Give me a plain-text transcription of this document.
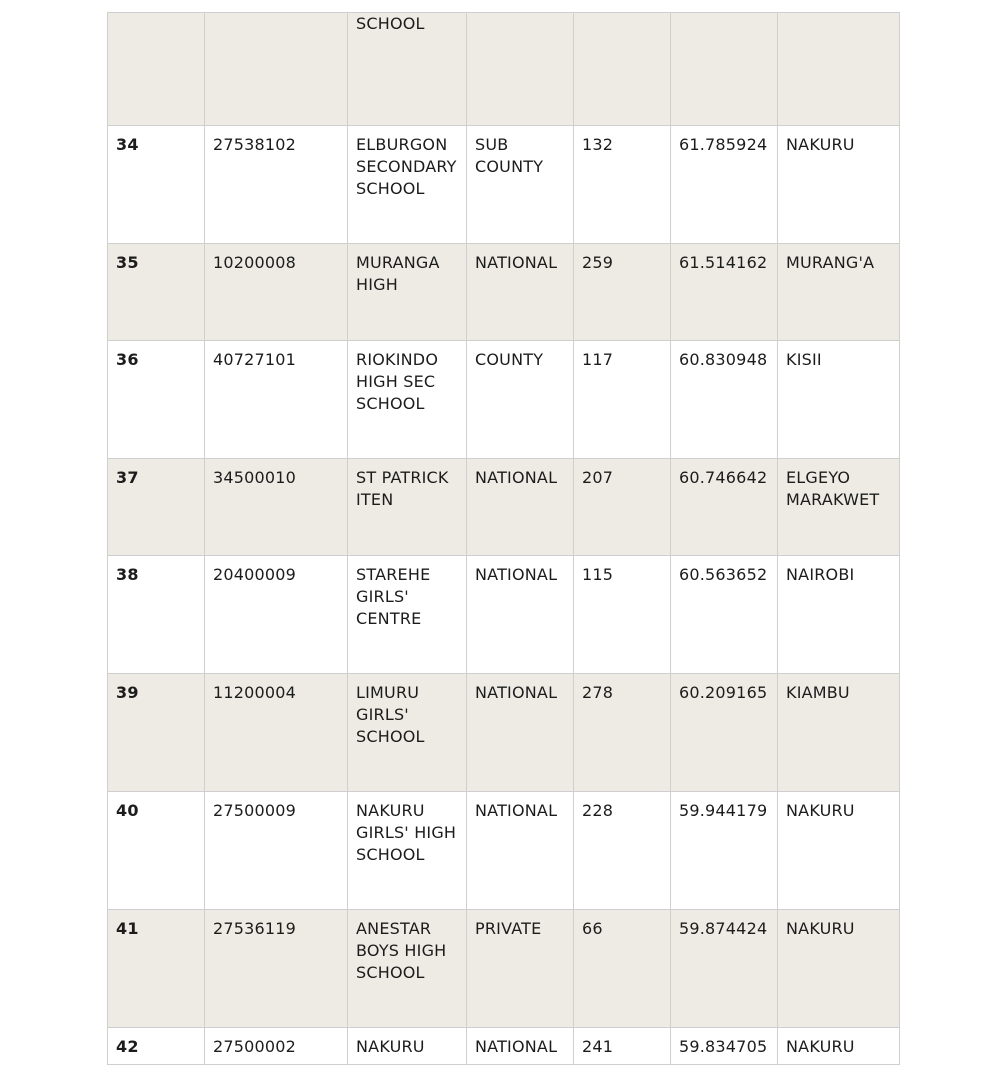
		SCHOOL				
34	27538102	ELBURGON SECONDARY SCHOOL	SUB COUNTY	132	61.785924	NAKURU
35	10200008	MURANGA HIGH	NATIONAL	259	61.514162	MURANG'A
36	40727101	RIOKINDO HIGH SEC SCHOOL	COUNTY	117	60.830948	KISII
37	34500010	ST PATRICK ITEN	NATIONAL	207	60.746642	ELGEYO MARAKWET
38	20400009	STAREHE GIRLS' CENTRE	NATIONAL	115	60.563652	NAIROBI
39	11200004	LIMURU GIRLS' SCHOOL	NATIONAL	278	60.209165	KIAMBU
40	27500009	NAKURU GIRLS' HIGH SCHOOL	NATIONAL	228	59.944179	NAKURU
41	27536119	ANESTAR BOYS HIGH SCHOOL	PRIVATE	66	59.874424	NAKURU
42	27500002	NAKURU	NATIONAL	241	59.834705	NAKURU
